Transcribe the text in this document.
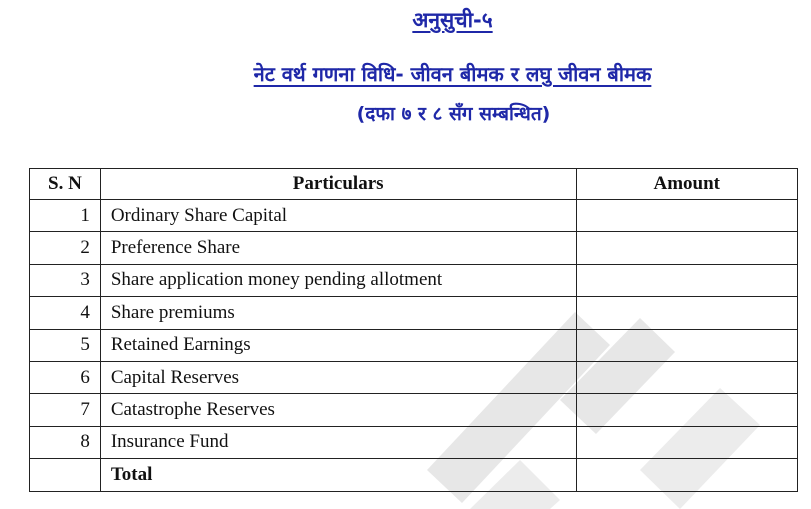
अनुसुची-५
नेट वर्थ गणना विधि- जीवन बीमक र लघु जीवन बीमक
(दफा ७ र ८ सँग सम्बन्धित)
S. N	Particulars	Amount
1	Ordinary Share Capital	
2	Preference Share	
3	Share application money pending allotment	
4	Share premiums	
5	Retained Earnings	
6	Capital Reserves	
7	Catastrophe Reserves	
8	Insurance Fund	
	Total	
